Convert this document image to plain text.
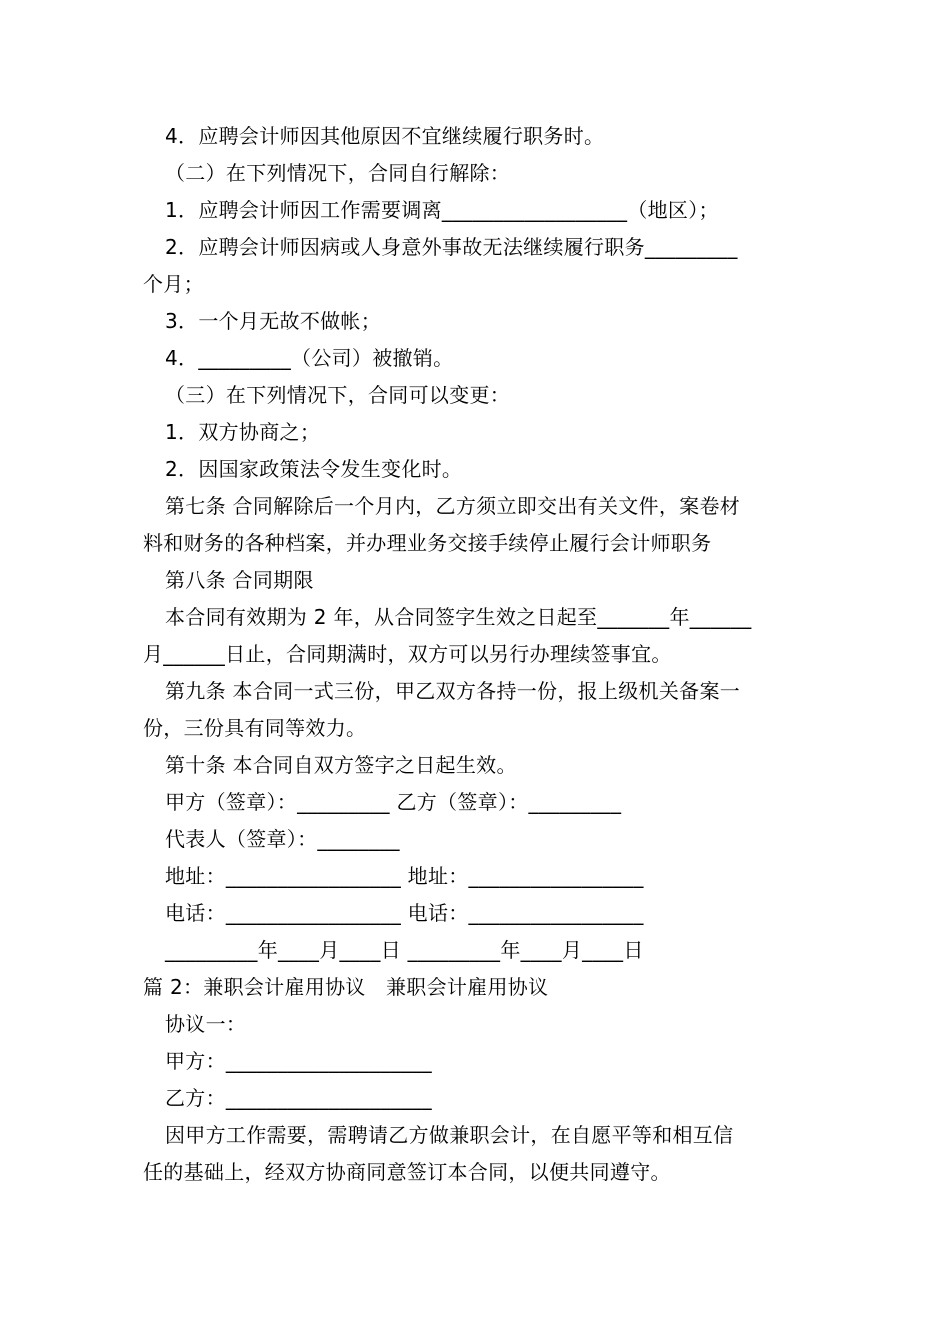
4．应聘会计师因其他原因不宜继续履行职务时。
（二）在下列情况下，合同自行解除：
1．应聘会计师因工作需要调离__________________（地区）；
2．应聘会计师因病或人身意外事故无法继续履行职务_________
个月；
3．一个月无故不做帐；
4．_________（公司）被撤销。
（三）在下列情况下，合同可以变更：
1．双方协商之；
2．因国家政策法令发生变化时。
第七条 合同解除后一个月内，乙方须立即交出有关文件，案卷材
料和财务的各种档案，并办理业务交接手续停止履行会计师职务
第八条 合同期限
本合同有效期为 2 年，从合同签字生效之日起至_______年______
月______日止，合同期满时，双方可以另行办理续签事宜。
第九条 本合同一式三份，甲乙双方各持一份，报上级机关备案一
份，三份具有同等效力。
第十条 本合同自双方签字之日起生效。
甲方（签章）：_________ 乙方（签章）：_________
代表人（签章）：________
地址：_________________ 地址：_________________
电话：_________________ 电话：_________________
_________年____月____日 _________年____月____日
篇 2：兼职会计雇用协议　兼职会计雇用协议
协议一：
甲方：____________________
乙方：____________________
因甲方工作需要，需聘请乙方做兼职会计，在自愿平等和相互信
任的基础上，经双方协商同意签订本合同，以便共同遵守。
